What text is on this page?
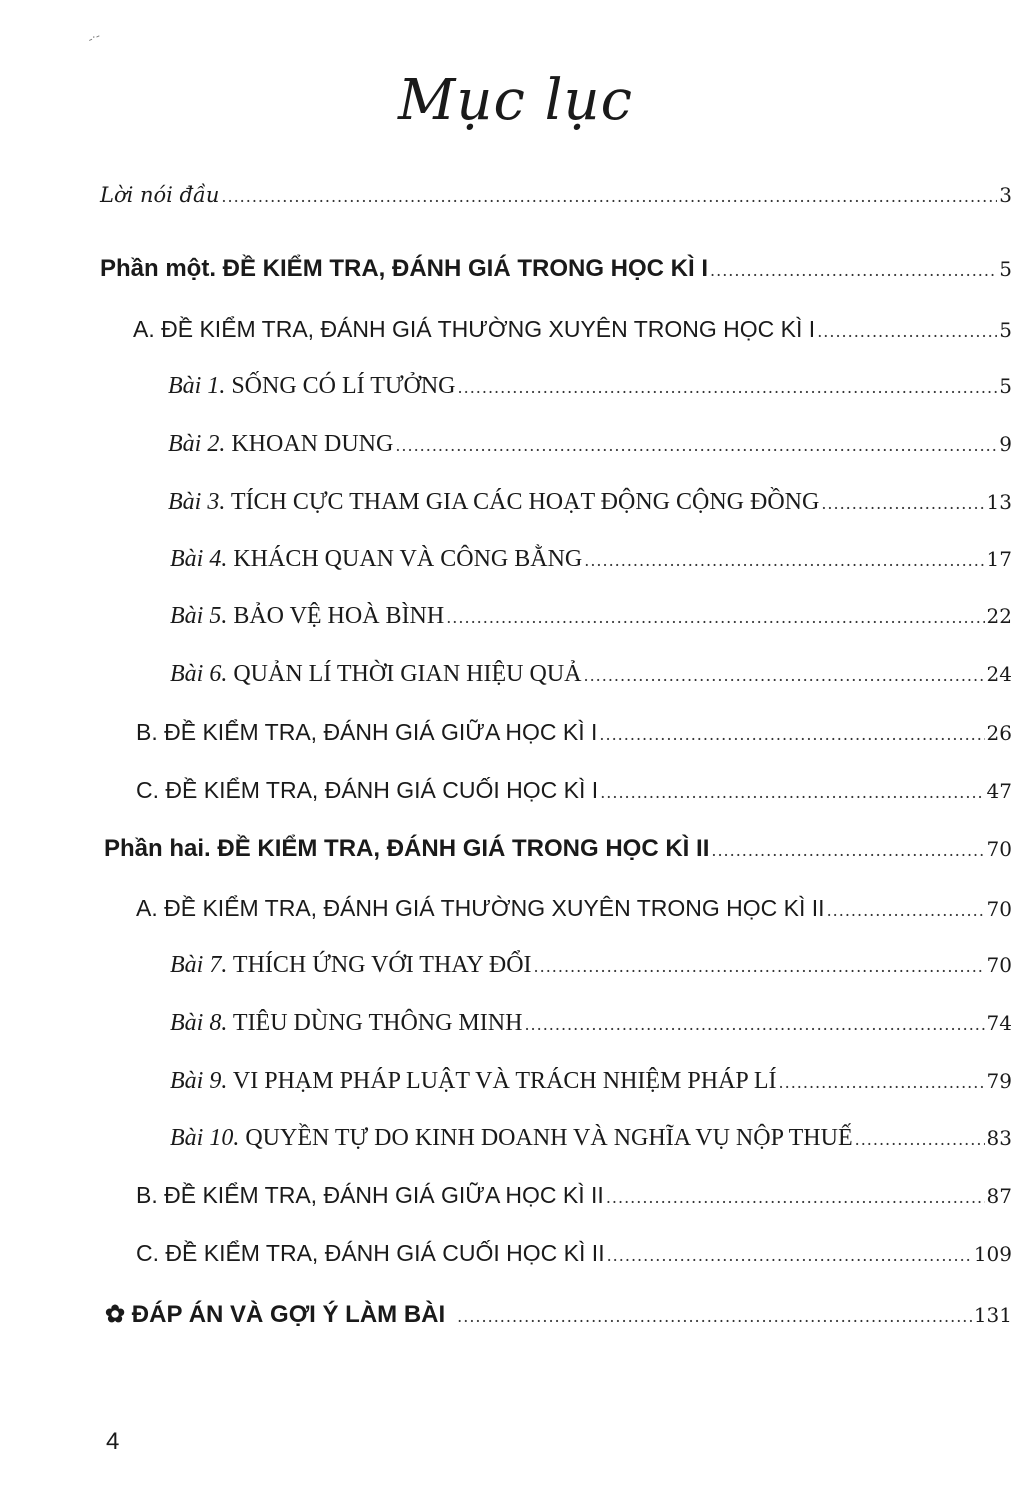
-·-
Mục lục
Lời nói đầu .....	3
Phần một. ĐỀ KIỂM TRA, ĐÁNH GIÁ TRONG HỌC KÌ I .....	5
A. ĐỀ KIỂM TRA, ĐÁNH GIÁ THƯỜNG XUYÊN TRONG HỌC KÌ I .....	5
Bài 1. SỐNG CÓ LÍ TƯỞNG .....	5
Bài 2. KHOAN DUNG .....	9
Bài 3. TÍCH CỰC THAM GIA CÁC HOẠT ĐỘNG CỘNG ĐỒNG .....	13
Bài 4. KHÁCH QUAN VÀ CÔNG BẰNG .....	17
Bài 5. BẢO VỆ HOÀ BÌNH .....	22
Bài 6. QUẢN LÍ THỜI GIAN HIỆU QUẢ .....	24
B. ĐỀ KIỂM TRA, ĐÁNH GIÁ GIỮA HỌC KÌ I .....	26
C. ĐỀ KIỂM TRA, ĐÁNH GIÁ CUỐI HỌC KÌ I .....	47
Phần hai. ĐỀ KIỂM TRA, ĐÁNH GIÁ TRONG HỌC KÌ II .....	70
A. ĐỀ KIỂM TRA, ĐÁNH GIÁ THƯỜNG XUYÊN TRONG HỌC KÌ II .....	70
Bài 7. THÍCH ỨNG VỚI THAY ĐỔI .....	70
Bài 8. TIÊU DÙNG THÔNG MINH .....	74
Bài 9. VI PHẠM PHÁP LUẬT VÀ TRÁCH NHIỆM PHÁP LÍ .....	79
Bài 10. QUYỀN TỰ DO KINH DOANH VÀ NGHĨA VỤ NỘP THUẾ .....	83
B. ĐỀ KIỂM TRA, ĐÁNH GIÁ GIỮA HỌC KÌ II .....	87
C. ĐỀ KIỂM TRA, ĐÁNH GIÁ CUỐI HỌC KÌ II .....	109
✿ ĐÁP ÁN VÀ GỢI Ý LÀM BÀI .....	131
4
